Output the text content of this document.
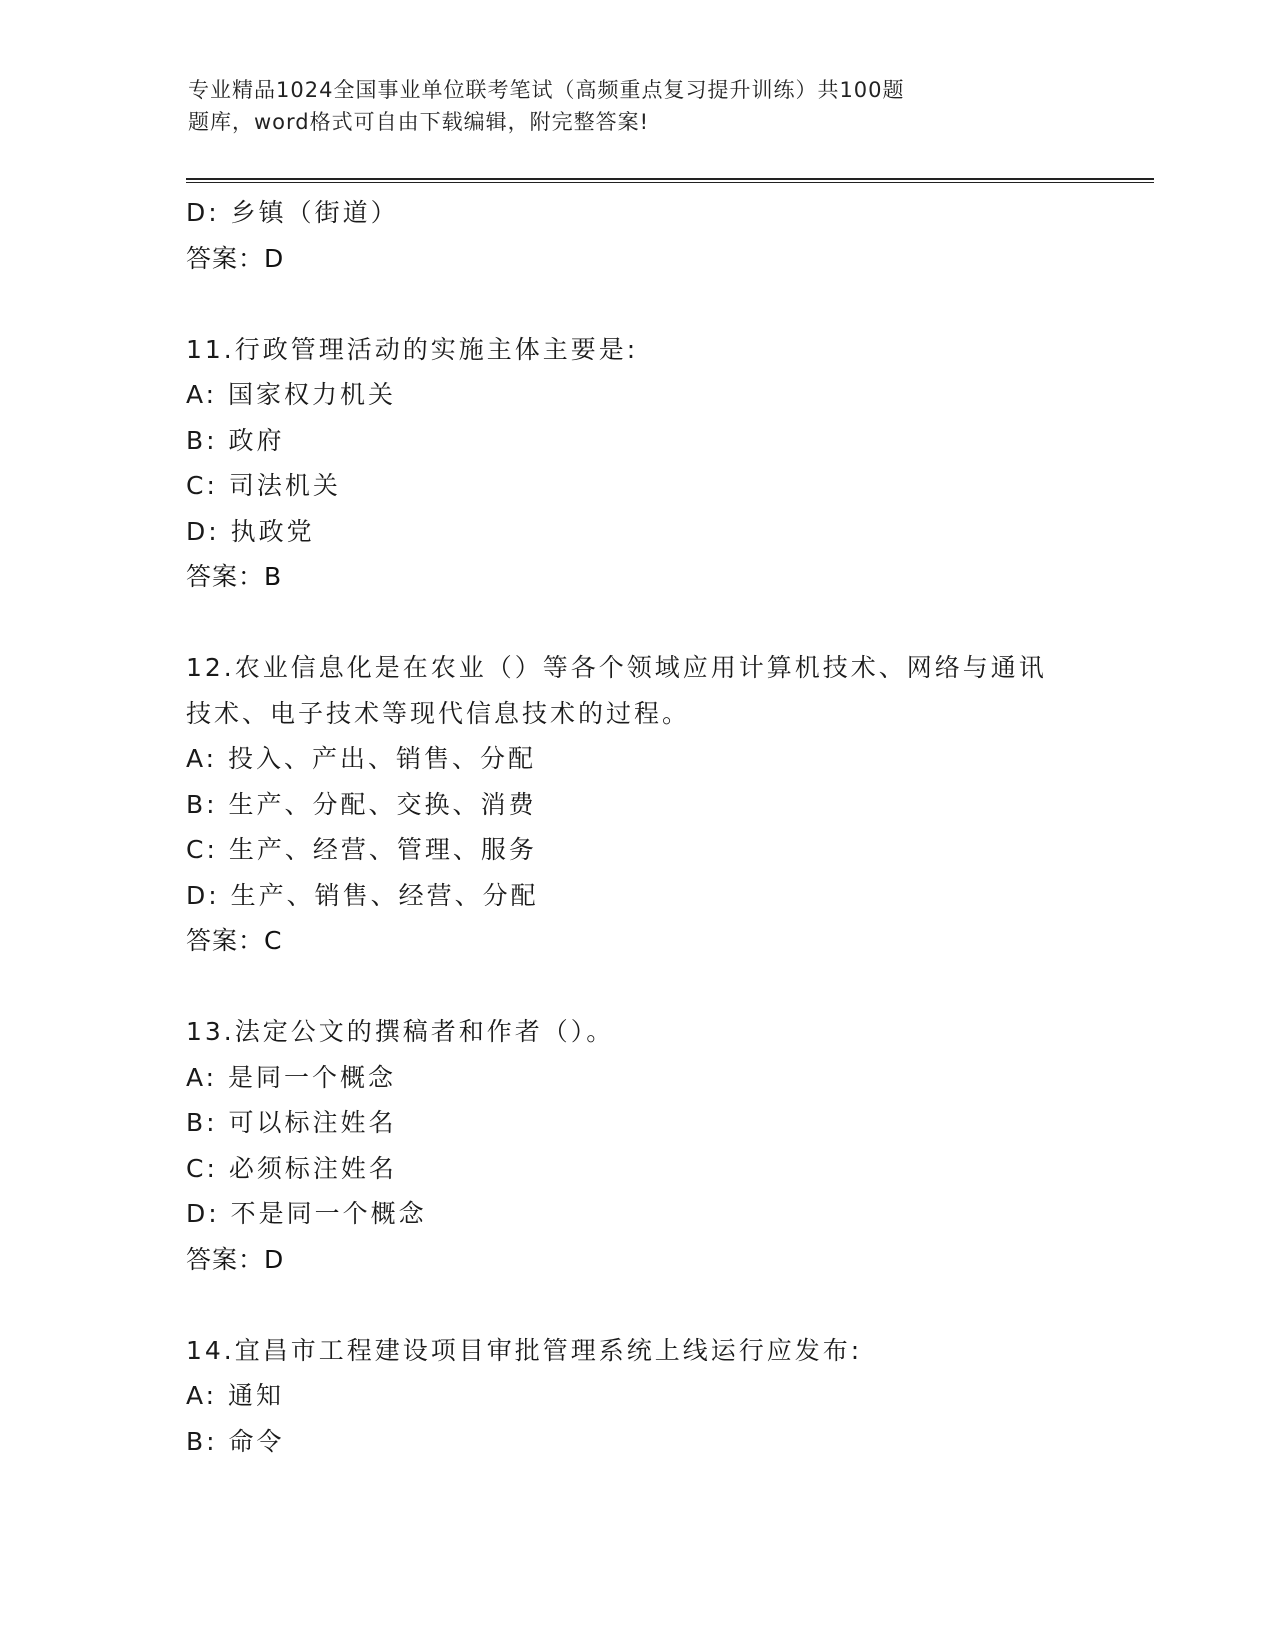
专业精品1024全国事业单位联考笔试（高频重点复习提升训练）共100题
题库，word格式可自由下载编辑，附完整答案!
D: 乡镇（街道）
答案：D
11.行政管理活动的实施主体主要是:
A: 国家权力机关
B: 政府
C: 司法机关
D: 执政党
答案：B
12.农业信息化是在农业（）等各个领域应用计算机技术、网络与通讯
技术、电子技术等现代信息技术的过程。
A: 投入、产出、销售、分配
B: 生产、分配、交换、消费
C: 生产、经营、管理、服务
D: 生产、销售、经营、分配
答案：C
13.法定公文的撰稿者和作者（）。
A: 是同一个概念
B: 可以标注姓名
C: 必须标注姓名
D: 不是同一个概念
答案：D
14.宜昌市工程建设项目审批管理系统上线运行应发布:
A: 通知
B: 命令
